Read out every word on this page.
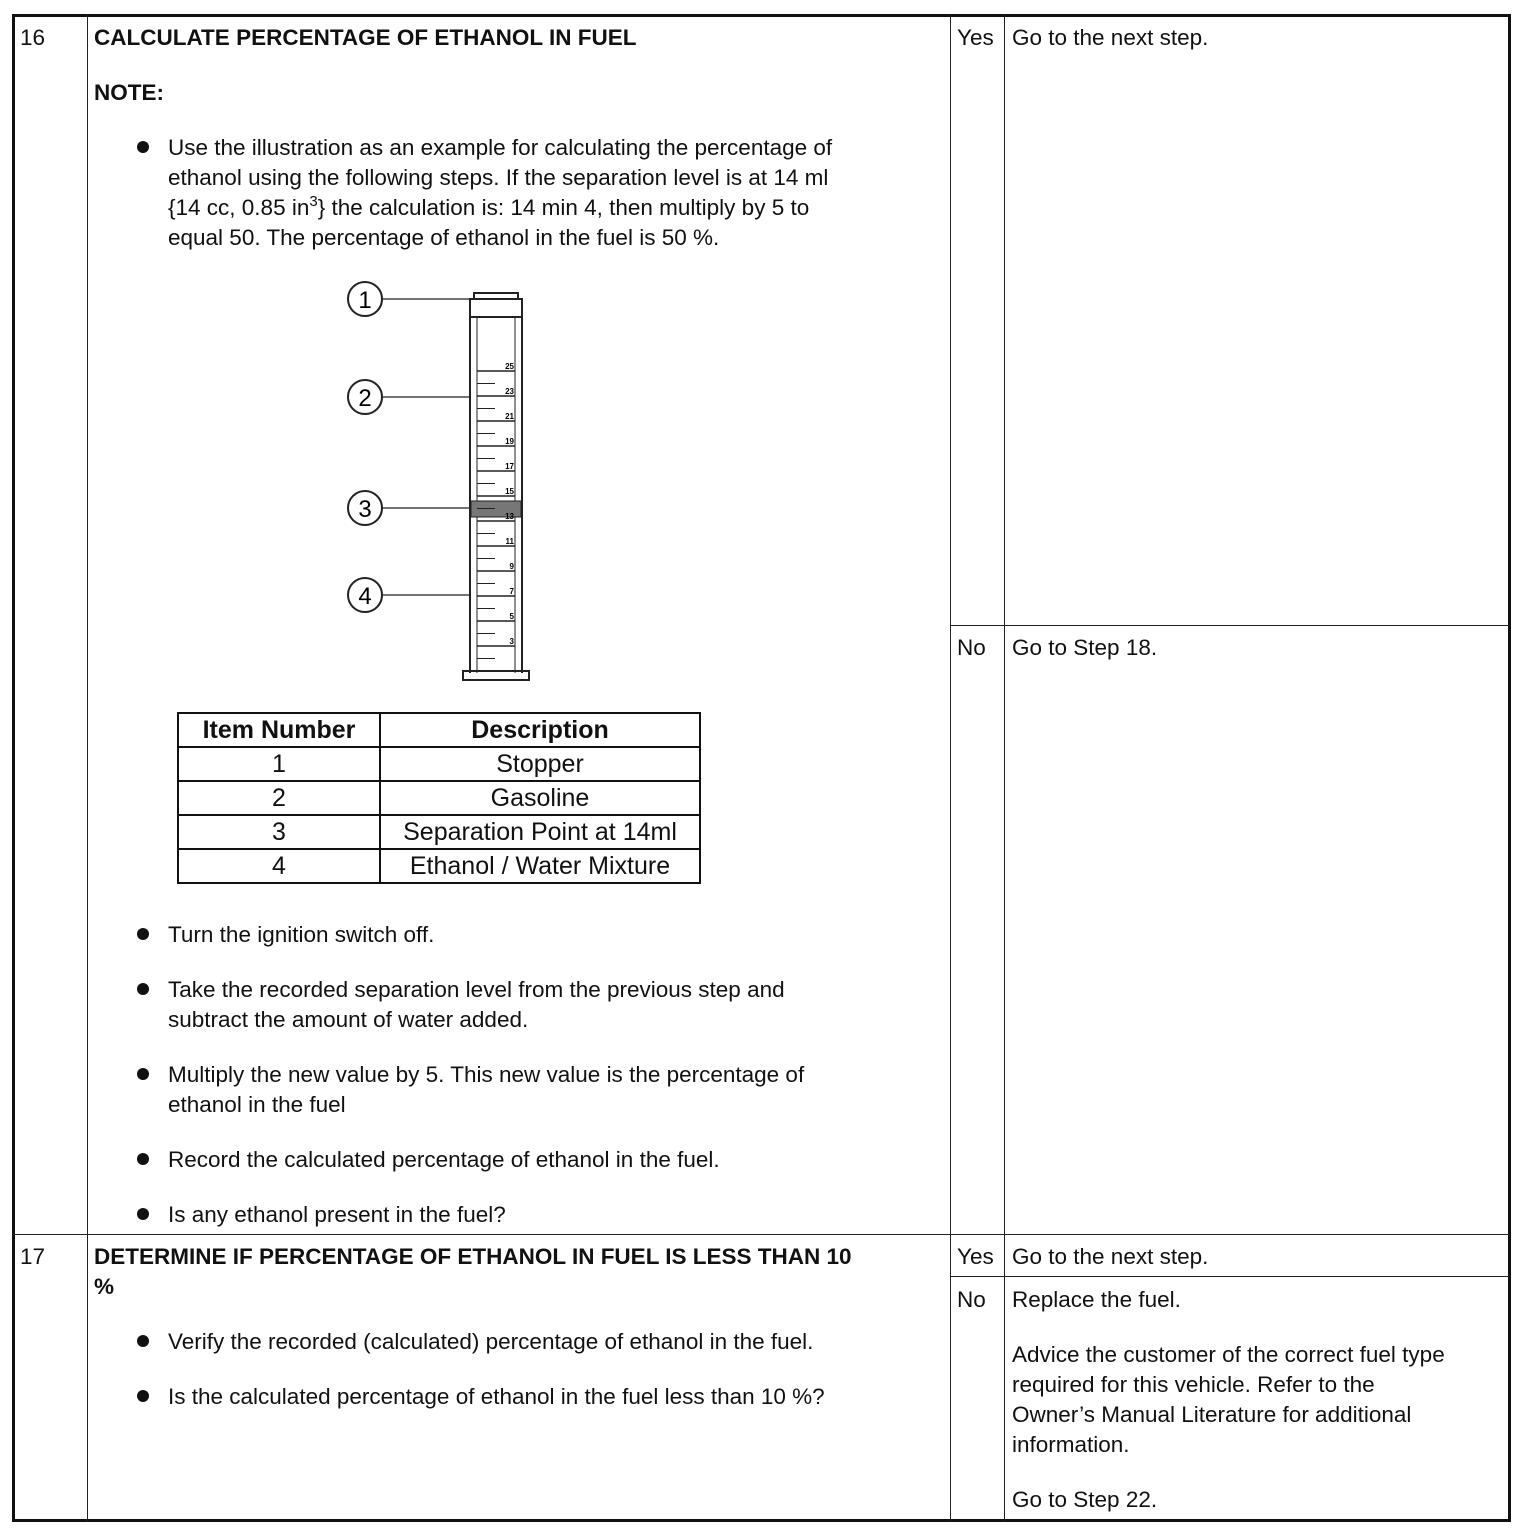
16 CALCULATE PERCENTAGE OF ETHANOL IN FUEL
NOTE:
Use the illustration as an example for calculating the percentage of
ethanol using the following steps. If the separation level is at 14 ml
{14 cc, 0.85 $in^3$} the calculation is: 14 min 4, then multiply by 5 to
equal 50. The percentage of ethanol in the fuel is 50 %.
25
23
21
19
17
15
13
11
9
7
5
3
1
2
3
4
Item Number	Description
1	Stopper
2	Gasoline
3	Separation Point at 14ml
4	Ethanol / Water Mixture
Turn the ignition switch off.
Take the recorded separation level from the previous step and
subtract the amount of water added.
Multiply the new value by 5. This new value is the percentage of
ethanol in the fuel
Record the calculated percentage of ethanol in the fuel.
Is any ethanol present in the fuel?
Yes Go to the next step.
No Go to Step 18.
17 DETERMINE IF PERCENTAGE OF ETHANOL IN FUEL IS LESS THAN 10
%
Verify the recorded (calculated) percentage of ethanol in the fuel.
Is the calculated percentage of ethanol in the fuel less than 10 %?
Yes Go to the next step.
No Replace the fuel.
Advice the customer of the correct fuel type
required for this vehicle. Refer to the
Owner’s Manual Literature for additional
information.
Go to Step 22.
